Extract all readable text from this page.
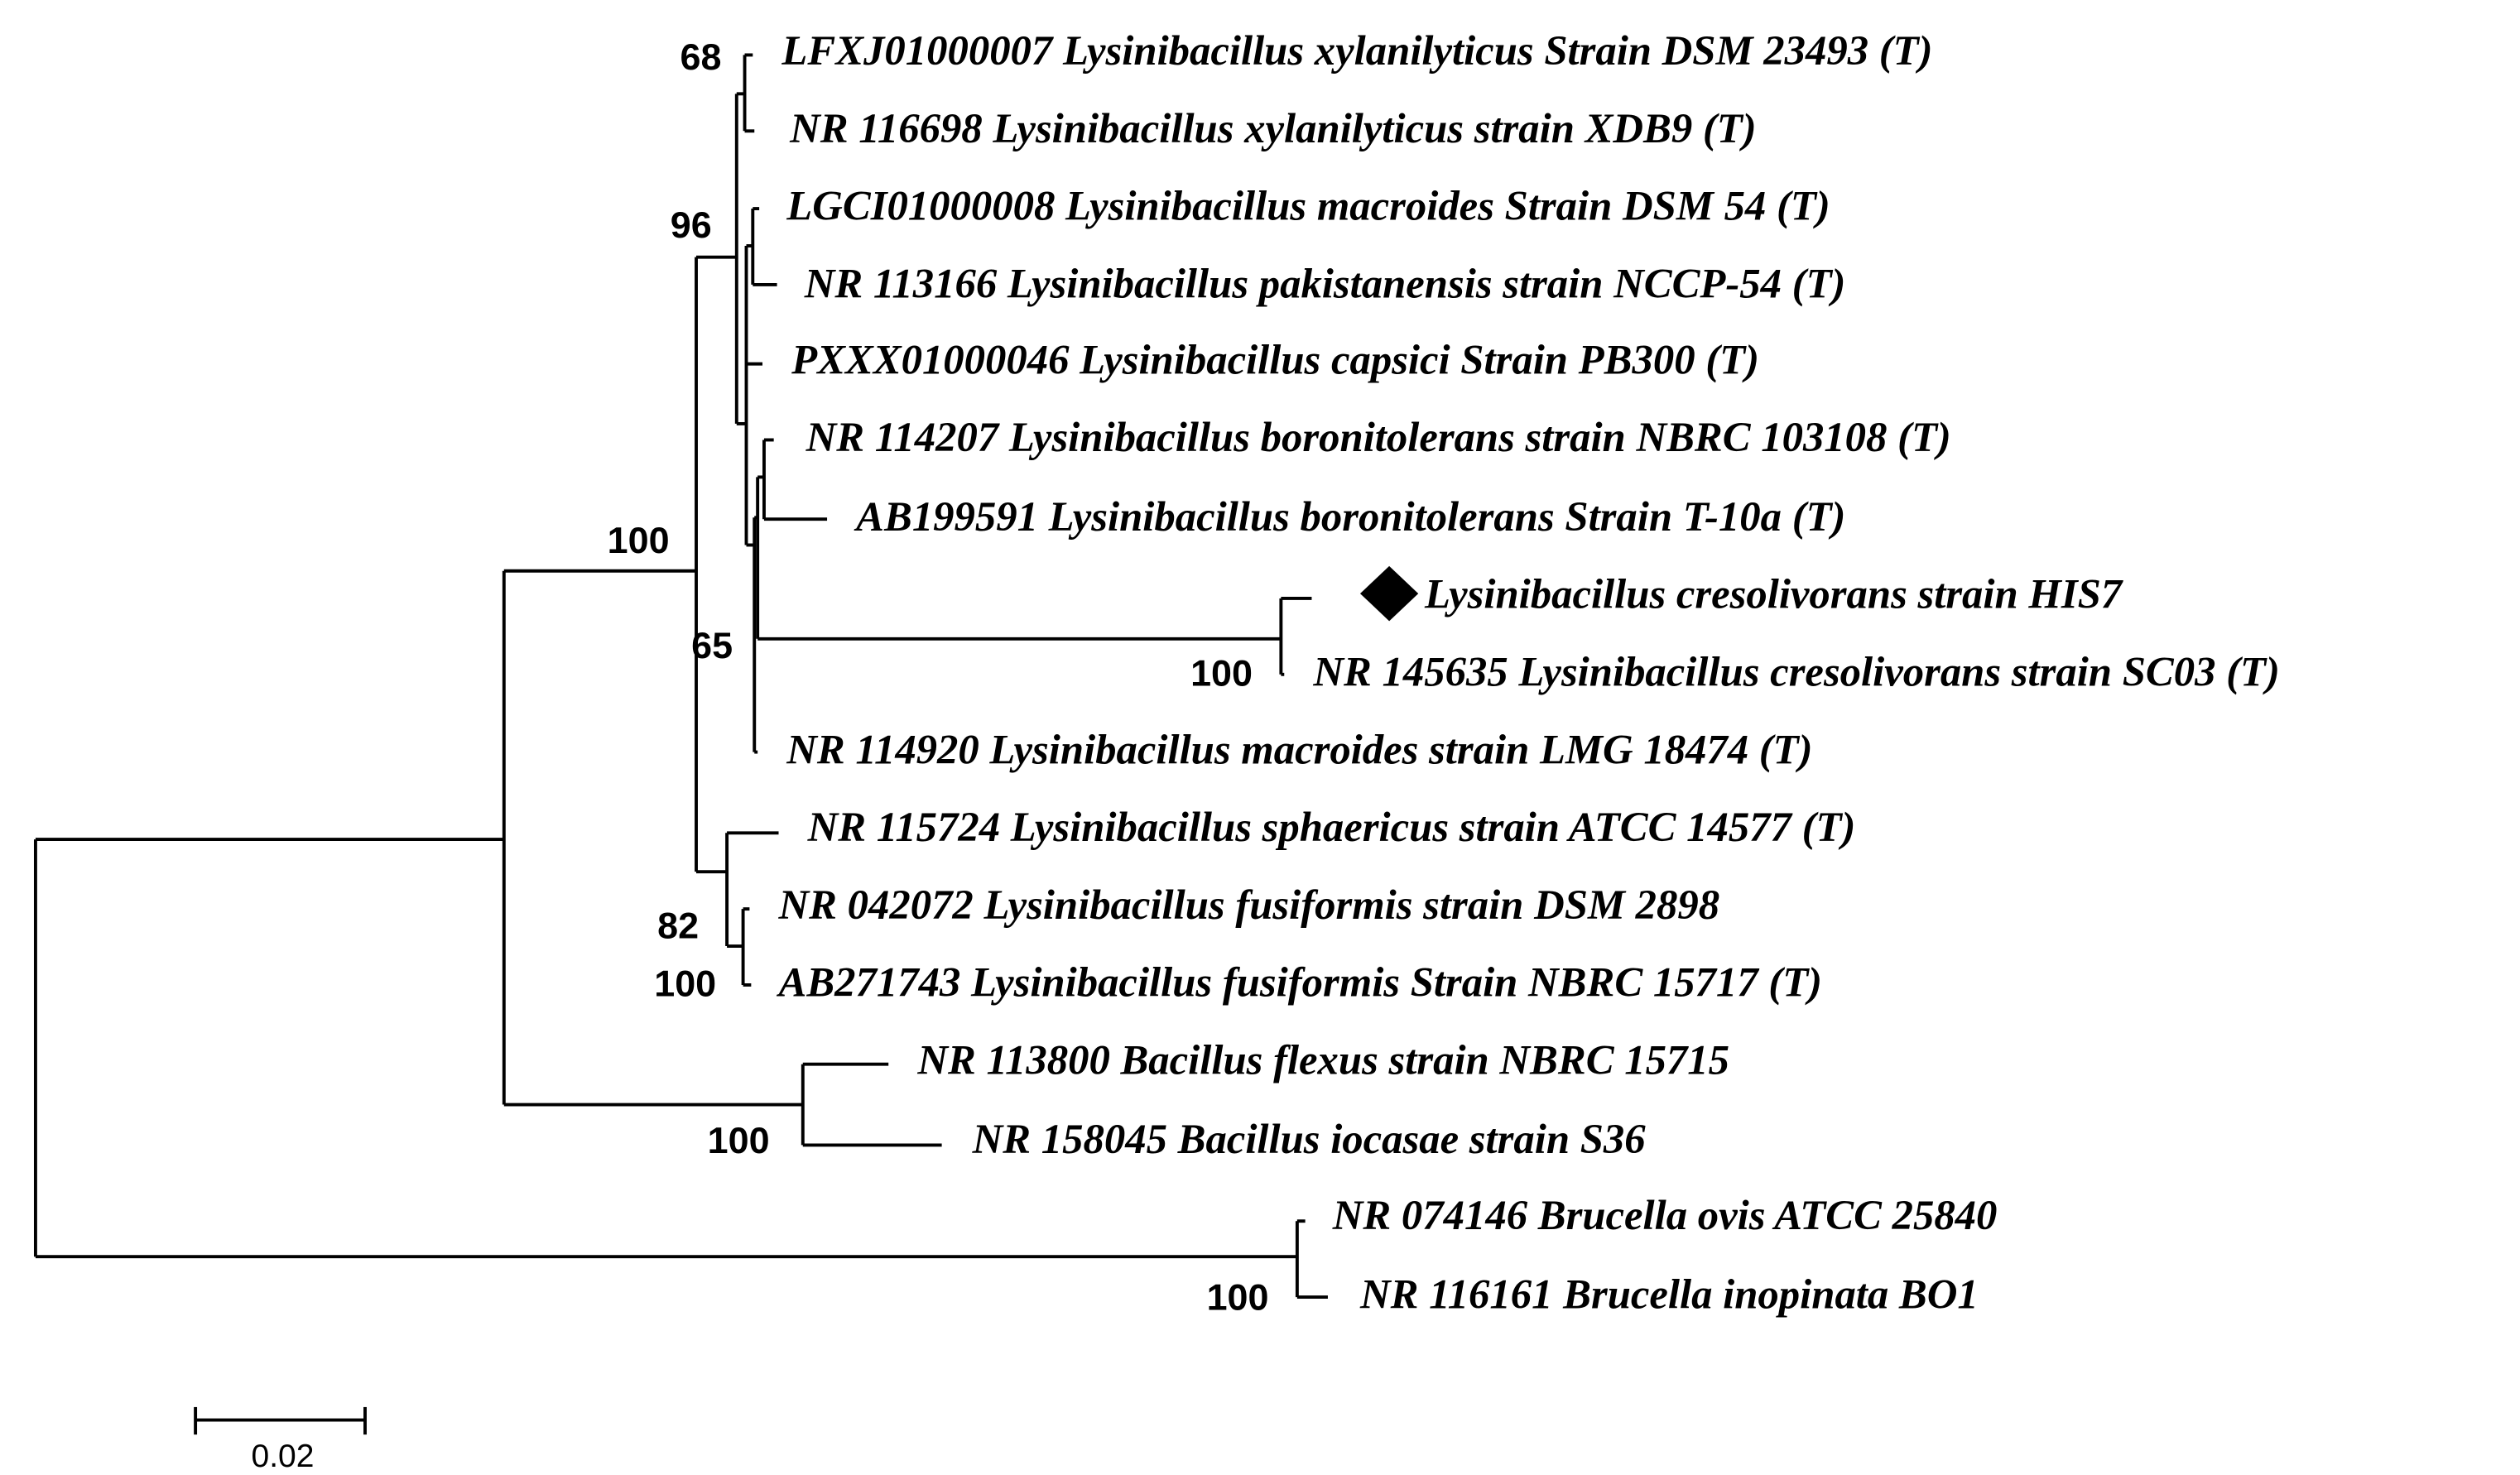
LFXJ01000007 Lysinibacillus xylanilyticus Strain DSM 23493 (T)
NR 116698 Lysinibacillus xylanilyticus strain XDB9 (T)
LGCI01000008 Lysinibacillus macroides Strain DSM 54 (T)
NR 113166 Lysinibacillus pakistanensis strain NCCP-54 (T)
PXXX01000046 Lysinibacillus capsici Strain PB300 (T)
NR 114207 Lysinibacillus boronitolerans strain NBRC 103108 (T)
AB199591 Lysinibacillus boronitolerans Strain T-10a (T)
Lysinibacillus cresolivorans strain HIS7
NR 145635 Lysinibacillus cresolivorans strain SC03 (T)
NR 114920 Lysinibacillus macroides strain LMG 18474 (T)
NR 115724 Lysinibacillus sphaericus strain ATCC 14577 (T)
NR 042072 Lysinibacillus fusiformis strain DSM 2898
AB271743 Lysinibacillus fusiformis Strain NBRC 15717 (T)
NR 113800 Bacillus flexus strain NBRC 15715
NR 158045 Bacillus iocasae strain S36
NR 074146 Brucella ovis ATCC 25840
NR 116161 Brucella inopinata BO1
68
96
100
65
100
82
100
100
100
0.02
